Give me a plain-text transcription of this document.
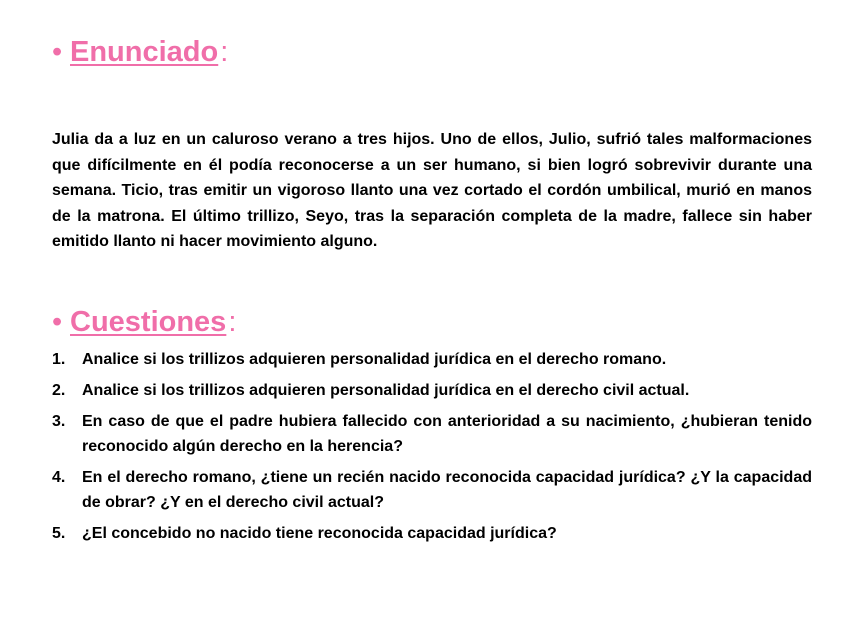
• Enunciado:

Julia da a luz en un caluroso verano a tres hijos. Uno de ellos, Julio, sufrió tales malformaciones que difícilmente en él podía reconocerse a un ser humano, si bien logró sobrevivir durante una semana. Ticio, tras emitir un vigoroso llanto una vez cortado el cordón umbilical, murió en manos de la matrona. El último trillizo, Seyo, tras la separación completa de la madre, fallece sin haber emitido llanto ni hacer movimiento alguno.

• Cuestiones:
1. Analice si los trillizos adquieren personalidad jurídica en el derecho romano.
2. Analice si los trillizos adquieren personalidad jurídica en el derecho civil actual.
3. En caso de que el padre hubiera fallecido con anterioridad a su nacimiento, ¿hubieran tenido reconocido algún derecho en la herencia?
4. En el derecho romano, ¿tiene un recién nacido reconocida capacidad jurídica? ¿Y la capacidad de obrar? ¿Y en el derecho civil actual?
5. ¿El concebido no nacido tiene reconocida capacidad jurídica?
